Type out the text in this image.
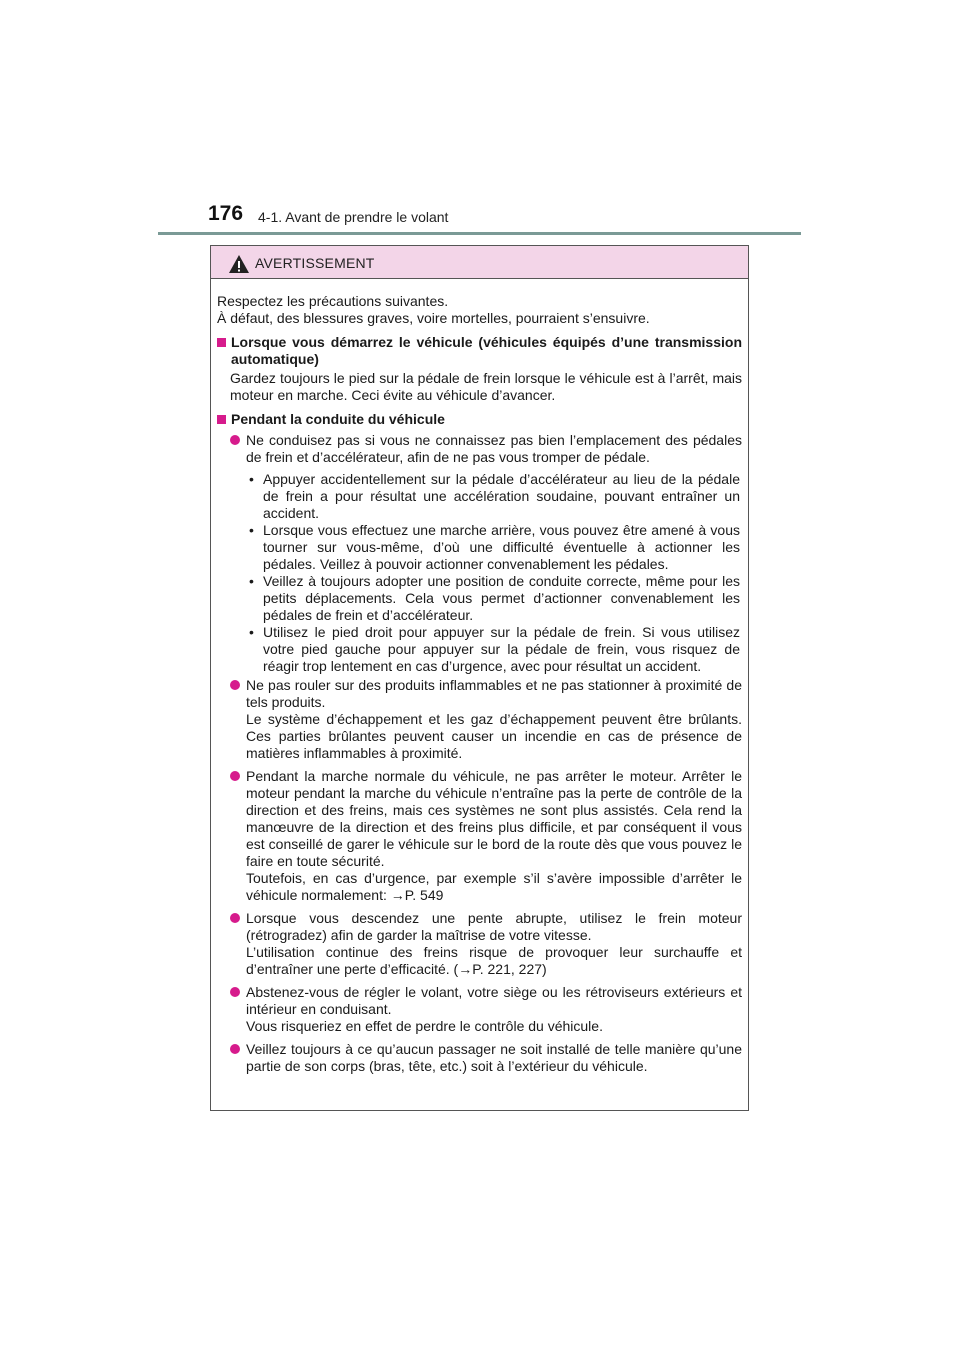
176 4-1. Avant de prendre le volant
AVERTISSEMENT
Respectez les précautions suivantes.
À défaut, des blessures graves, voire mortelles, pourraient s’ensuivre.
Lorsque vous démarrez le véhicule (véhicules équipés d’une transmission automatique)
Gardez toujours le pied sur la pédale de frein lorsque le véhicule est à l’arrêt, mais moteur en marche. Ceci évite au véhicule d’avancer.
Pendant la conduite du véhicule
Ne conduisez pas si vous ne connaissez pas bien l’emplacement des pédales de frein et d’accélérateur, afin de ne pas vous tromper de pédale.
• Appuyer accidentellement sur la pédale d’accélérateur au lieu de la pédale de frein a pour résultat une accélération soudaine, pouvant entraîner un accident.
• Lorsque vous effectuez une marche arrière, vous pouvez être amené à vous tourner sur vous-même, d’où une difficulté éventuelle à actionner les pédales. Veillez à pouvoir actionner convenablement les pédales.
• Veillez à toujours adopter une position de conduite correcte, même pour les petits déplacements. Cela vous permet d’actionner convenablement les pédales de frein et d’accélérateur.
• Utilisez le pied droit pour appuyer sur la pédale de frein. Si vous utilisez votre pied gauche pour appuyer sur la pédale de frein, vous risquez de réagir trop lentement en cas d’urgence, avec pour résultat un accident.
Ne pas rouler sur des produits inflammables et ne pas stationner à proximité de tels produits.
Le système d’échappement et les gaz d’échappement peuvent être brûlants. Ces parties brûlantes peuvent causer un incendie en cas de présence de matières inflammables à proximité.
Pendant la marche normale du véhicule, ne pas arrêter le moteur. Arrêter le moteur pendant la marche du véhicule n’entraîne pas la perte de contrôle de la direction et des freins, mais ces systèmes ne sont plus assistés. Cela rend la manœuvre de la direction et des freins plus difficile, et par conséquent il vous est conseillé de garer le véhicule sur le bord de la route dès que vous pouvez le faire en toute sécurité.
Toutefois, en cas d’urgence, par exemple s’il s’avère impossible d’arrêter le véhicule normalement: →P. 549
Lorsque vous descendez une pente abrupte, utilisez le frein moteur (rétrogradez) afin de garder la maîtrise de votre vitesse.
L’utilisation continue des freins risque de provoquer leur surchauffe et d’entraîner une perte d’efficacité. (→P. 221, 227)
Abstenez-vous de régler le volant, votre siège ou les rétroviseurs extérieurs et intérieur en conduisant.
Vous risqueriez en effet de perdre le contrôle du véhicule.
Veillez toujours à ce qu’aucun passager ne soit installé de telle manière qu’une partie de son corps (bras, tête, etc.) soit à l’extérieur du véhicule.
